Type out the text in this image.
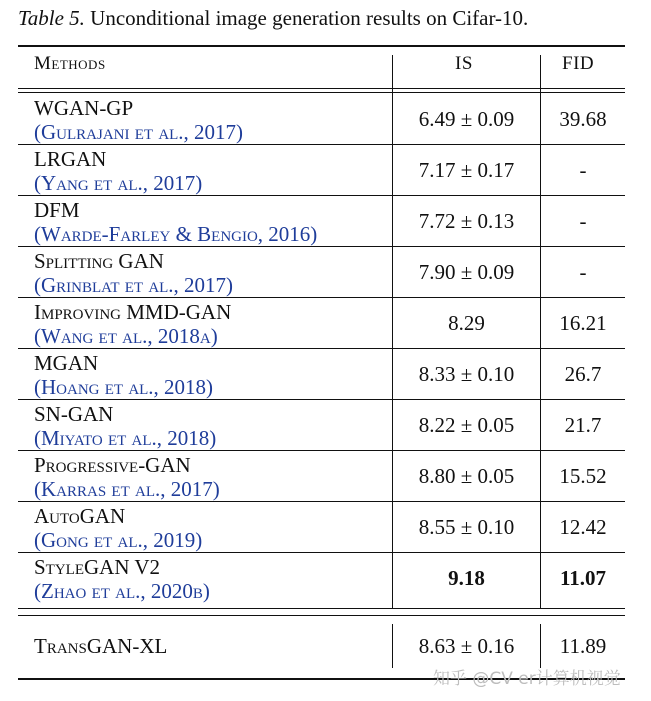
Table 5. Unconditional image generation results on Cifar-10.
Methods	IS	FID
WGAN-GP
(Gulrajani et al., 2017)
6.49 ± 0.09	39.68
LRGAN
(Yang et al., 2017)
7.17 ± 0.17	-
DFM
(Warde-Farley & Bengio, 2016)
7.72 ± 0.13	-
Splitting GAN
(Grinblat et al., 2017)
7.90 ± 0.09	-
Improving MMD-GAN
(Wang et al., 2018a)
8.29	16.21
MGAN
(Hoang et al., 2018)
8.33 ± 0.10	26.7
SN-GAN
(Miyato et al., 2018)
8.22 ± 0.05	21.7
Progressive-GAN
(Karras et al., 2017)
8.80 ± 0.05	15.52
AutoGAN
(Gong et al., 2019)
8.55 ± 0.10	12.42
StyleGAN V2
(Zhao et al., 2020b)
9.18	11.07
TransGAN-XL	8.63 ± 0.16	11.89
知乎 @CV er计算机视觉
